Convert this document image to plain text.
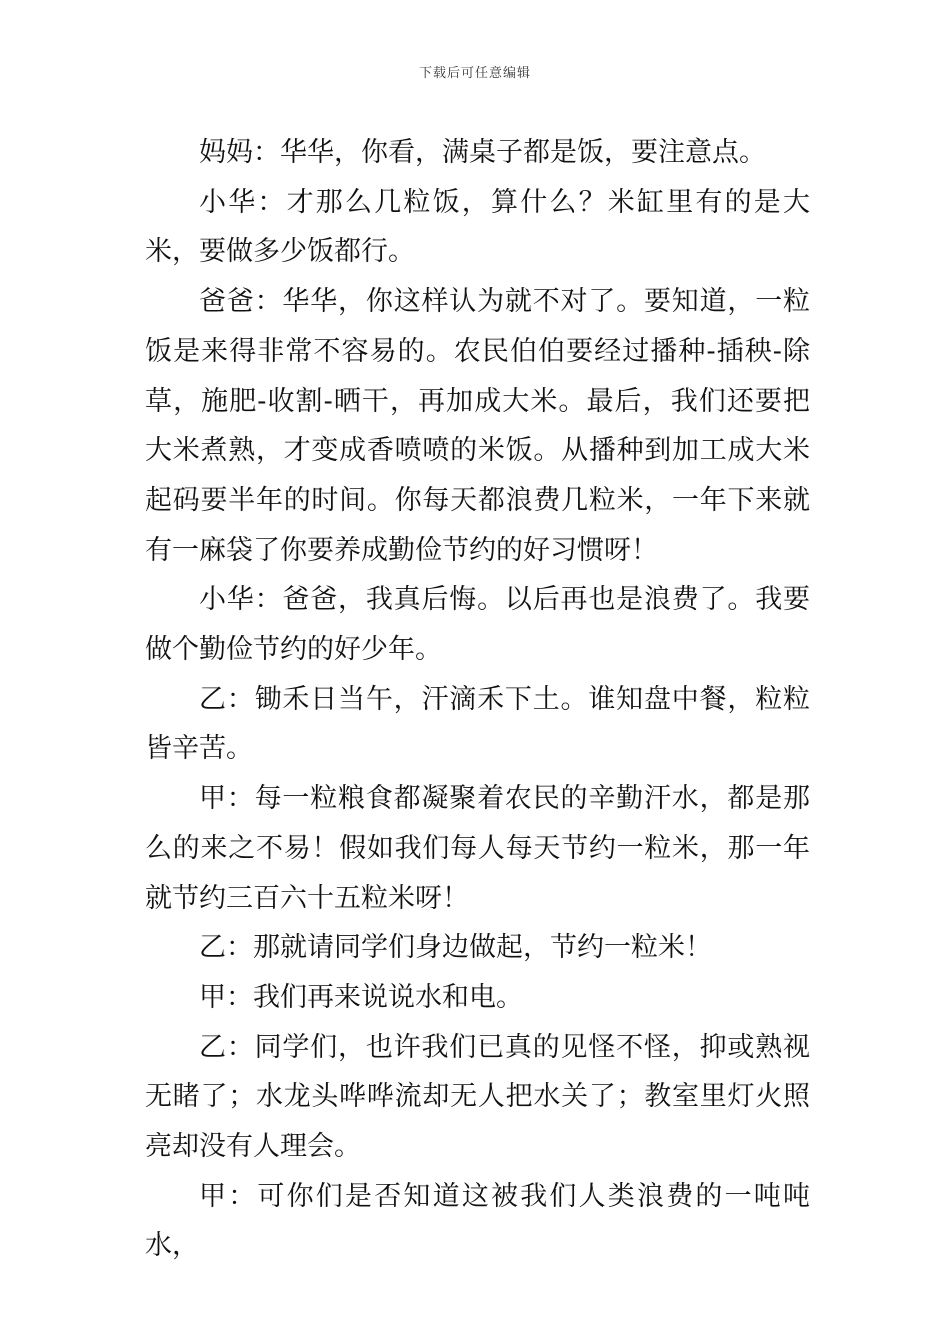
下载后可任意编辑

妈妈：华华，你看，满桌子都是饭，要注意点。

小华：才那么几粒饭，算什么？米缸里有的是大米，要做多少饭都行。

爸爸：华华，你这样认为就不对了。要知道，一粒饭是来得非常不容易的。农民伯伯要经过播种-插秧-除草，施肥-收割-晒干，再加成大米。最后，我们还要把大米煮熟，才变成香喷喷的米饭。从播种到加工成大米起码要半年的时间。你每天都浪费几粒米，一年下来就有一麻袋了你要养成勤俭节约的好习惯呀！

小华：爸爸，我真后悔。以后再也是浪费了。我要做个勤俭节约的好少年。

乙：锄禾日当午，汗滴禾下土。谁知盘中餐，粒粒皆辛苦。

甲：每一粒粮食都凝聚着农民的辛勤汗水，都是那么的来之不易！假如我们每人每天节约一粒米，那一年就节约三百六十五粒米呀！

乙：那就请同学们身边做起，节约一粒米！

甲：我们再来说说水和电。

乙：同学们，也许我们已真的见怪不怪，抑或熟视无睹了；水龙头哗哗流却无人把水关了；教室里灯火照亮却没有人理会。

甲：可你们是否知道这被我们人类浪费的一吨吨水，
